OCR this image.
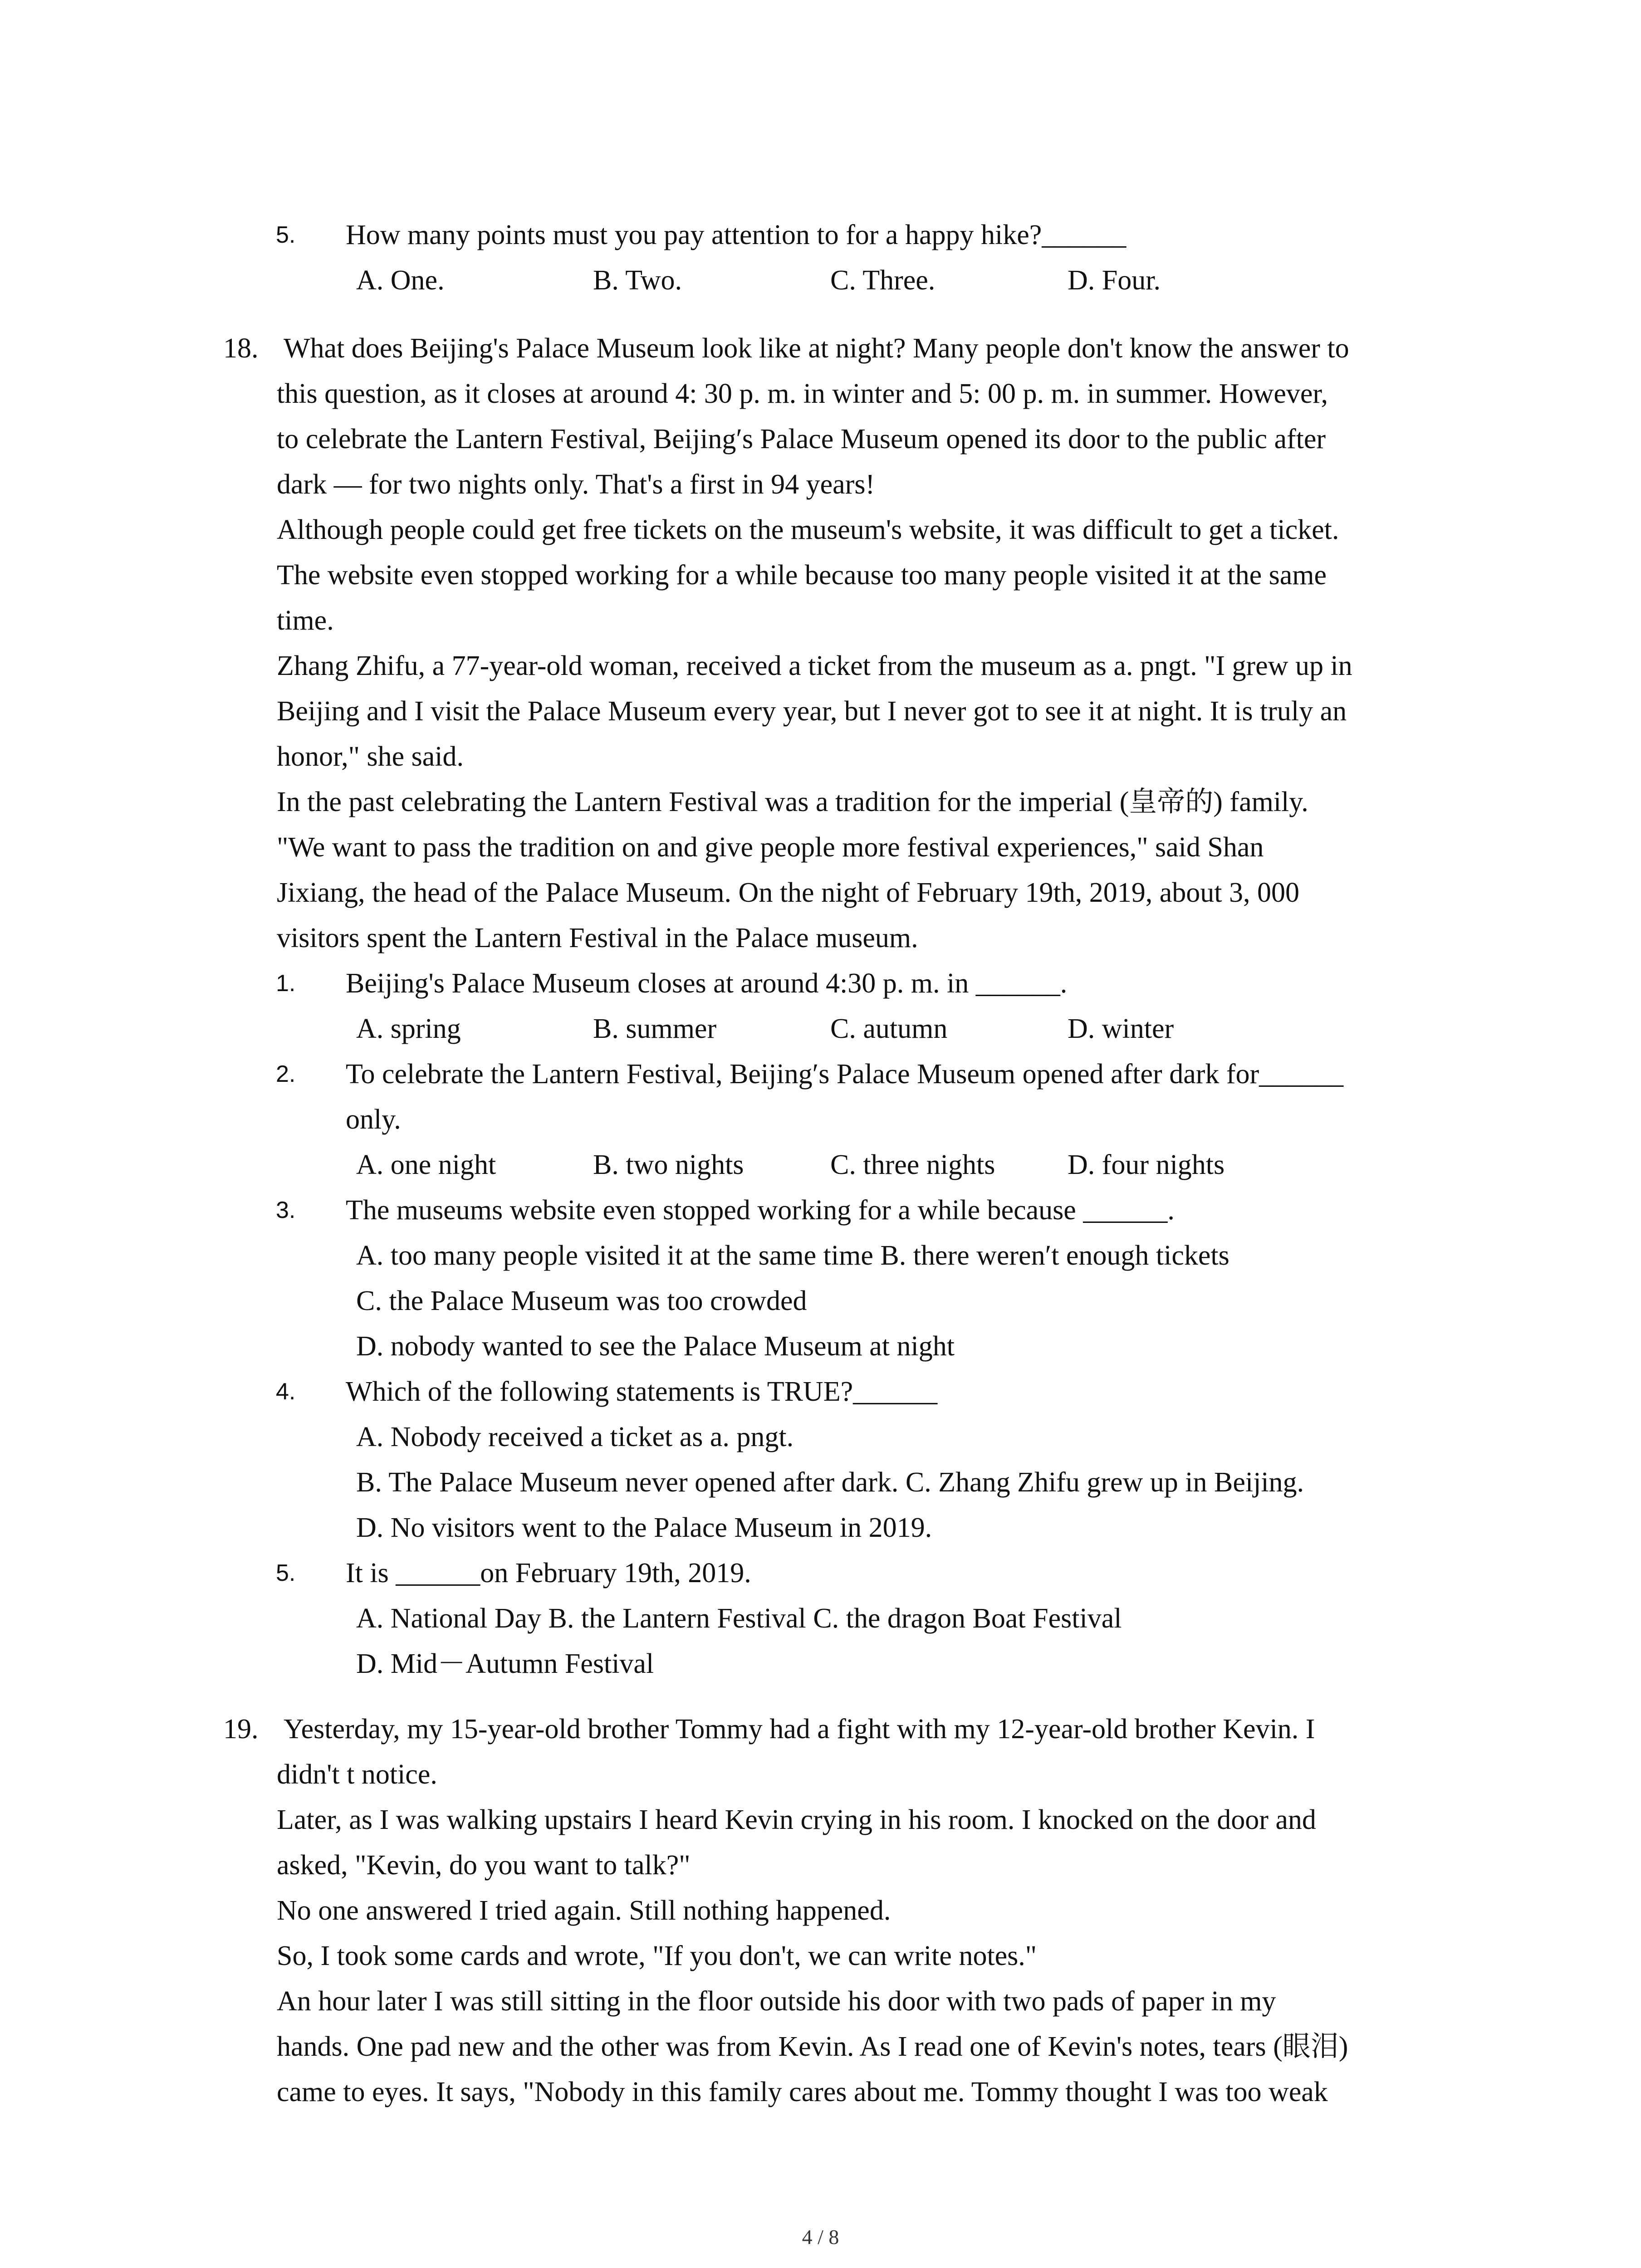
5. How many points must you pay attention to for a happy hike?______
A. One.	B. Two.	C. Three.	D. Four.
18. What does Beijing's Palace Museum look like at night? Many people don't know the answer to
this question, as it closes at around 4: 30 p. m. in winter and 5: 00 p. m. in summer. However,
to celebrate the Lantern Festival, Beijing′s Palace Museum opened its door to the public after
dark — for two nights only. That's a first in 94 years!
Although people could get free tickets on the museum's website, it was difficult to get a ticket.
The website even stopped working for a while because too many people visited it at the same
time.
Zhang Zhifu, a 77-year-old woman, received a ticket from the museum as a. pngt. "I grew up in
Beijing and I visit the Palace Museum every year, but I never got to see it at night. It is truly an
honor," she said.
In the past celebrating the Lantern Festival was a tradition for the imperial (皇帝的) family.
"We want to pass the tradition on and give people more festival experiences," said Shan
Jixiang, the head of the Palace Museum. On the night of February 19th, 2019, about 3, 000
visitors spent the Lantern Festival in the Palace museum.
1. Beijing's Palace Museum closes at around 4:30 p. m. in ______.
A. spring	B. summer	C. autumn	D. winter
2. To celebrate the Lantern Festival, Beijing′s Palace Museum opened after dark for______
only.
A. one night	B. two nights	C. three nights	D. four nights
3. The museums website even stopped working for a while because ______.
A. too many people visited it at the same time B. there weren′t enough tickets
C. the Palace Museum was too crowded
D. nobody wanted to see the Palace Museum at night
4. Which of the following statements is TRUE?______
A. Nobody received a ticket as a. pngt.
B. The Palace Museum never opened after dark. C. Zhang Zhifu grew up in Beijing.
D. No visitors went to the Palace Museum in 2019.
5. It is ______on February 19th, 2019.
A. National Day B. the Lantern Festival C. the dragon Boat Festival
D. Mid－Autumn Festival
19. Yesterday, my 15-year-old brother Tommy had a fight with my 12-year-old brother Kevin. I
didn't t notice.
Later, as I was walking upstairs I heard Kevin crying in his room. I knocked on the door and
asked, "Kevin, do you want to talk?"
No one answered I tried again. Still nothing happened.
So, I took some cards and wrote, "If you don't, we can write notes."
An hour later I was still sitting in the floor outside his door with two pads of paper in my
hands. One pad new and the other was from Kevin. As I read one of Kevin's notes, tears (眼泪)
came to eyes. It says, "Nobody in this family cares about me. Tommy thought I was too weak
4 / 8
